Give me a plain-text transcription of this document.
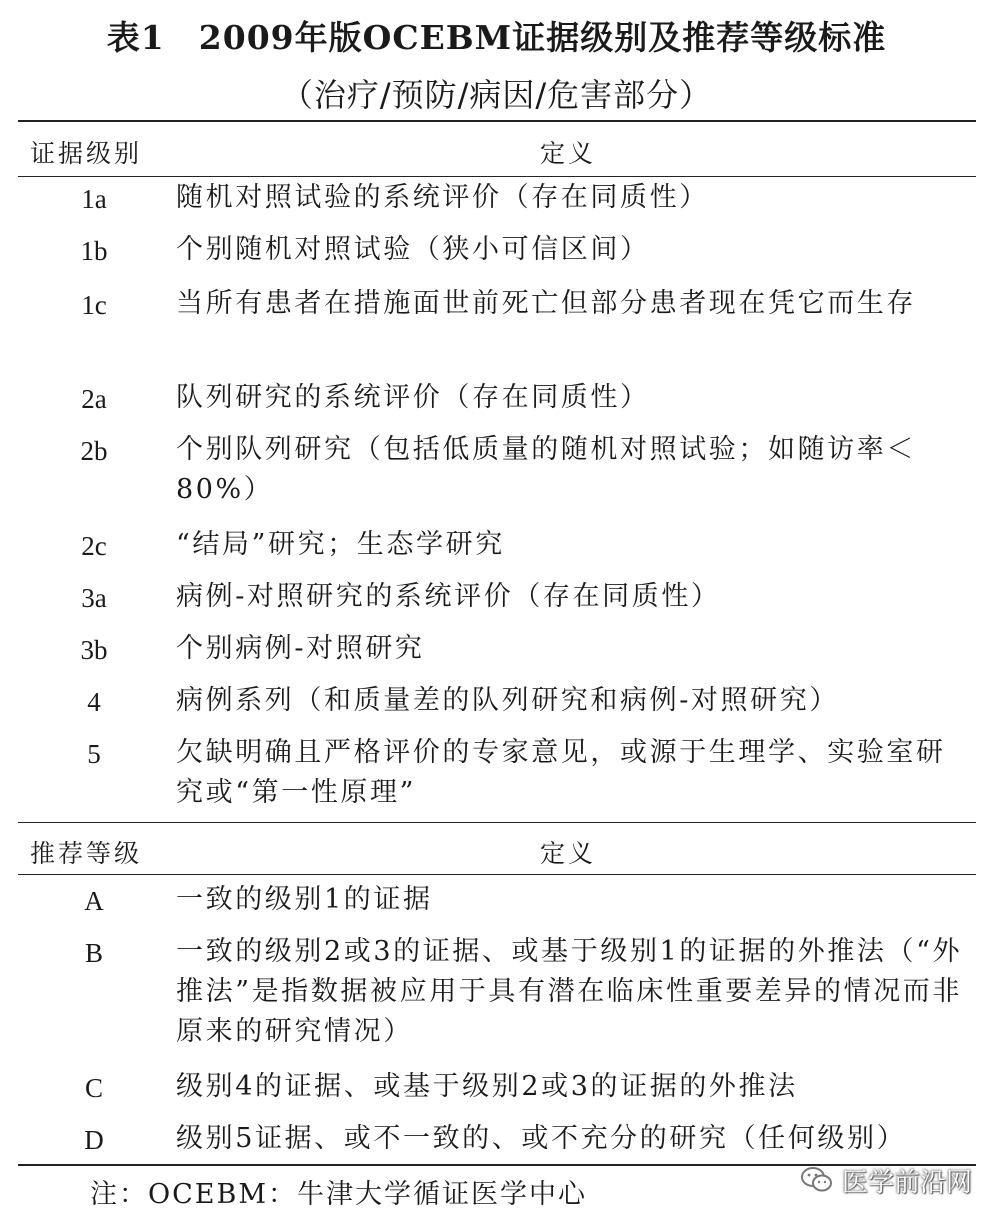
表1 2009年版OCEBM证据级别及推荐等级标准
（治疗/预防/病因/危害部分）
证据级别	定义
1a	随机对照试验的系统评价（存在同质性）
1b	个别随机对照试验（狭小可信区间）
1c	当所有患者在措施面世前死亡但部分患者现在凭它而生存
2a	队列研究的系统评价（存在同质性）
2b	个别队列研究（包括低质量的随机对照试验；如随访率＜80%）
2c	“结局”研究；生态学研究
3a	病例-对照研究的系统评价（存在同质性）
3b	个别病例-对照研究
4	病例系列（和质量差的队列研究和病例-对照研究）
5	欠缺明确且严格评价的专家意见，或源于生理学、实验室研究或“第一性原理”
推荐等级	定义
A	一致的级别1的证据
B	一致的级别2或3的证据、或基于级别1的证据的外推法（“外推法”是指数据被应用于具有潜在临床性重要差异的情况而非原来的研究情况）
C	级别4的证据、或基于级别2或3的证据的外推法
D	级别5证据、或不一致的、或不充分的研究（任何级别）
注：OCEBM：牛津大学循证医学中心	医学前沿网
